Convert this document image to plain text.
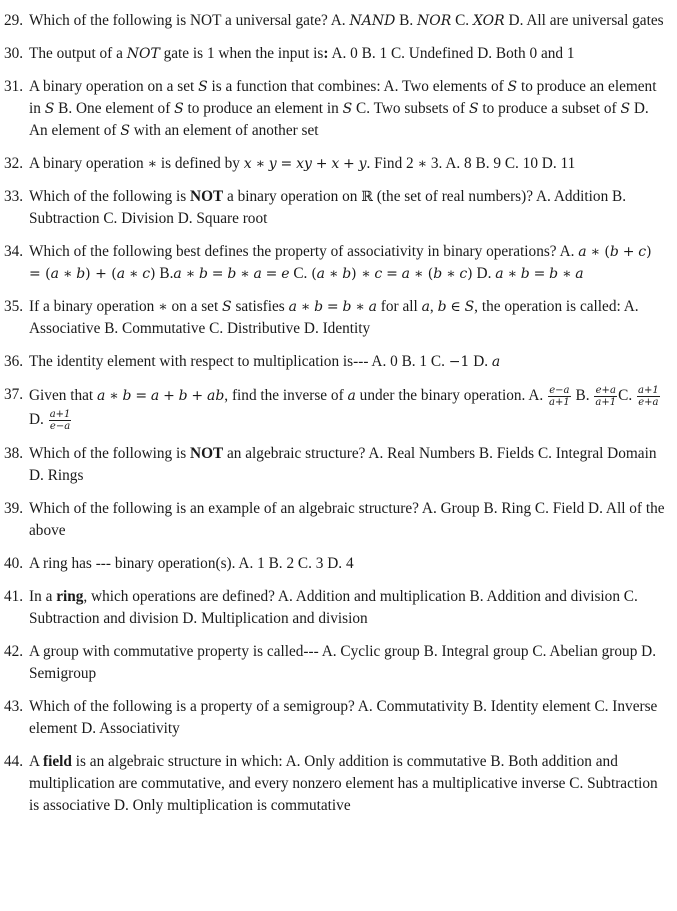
29. Which of the following is NOT a universal gate? A. NAND B. NOR C. XOR D. All are universal gates
30. The output of a NOT gate is 1 when the input is: A. 0 B. 1 C. Undefined D. Both 0 and 1
31. A binary operation on a set S is a function that combines: A. Two elements of S to produce an element in S B. One element of S to produce an element in S C. Two subsets of S to produce a subset of S D. An element of S with an element of another set
32. A binary operation ∗ is defined by x ∗ y = xy + x + y. Find 2 ∗ 3. A. 8 B. 9 C. 10 D. 11
33. Which of the following is NOT a binary operation on ℝ (the set of real numbers)? A. Addition B. Subtraction C. Division D. Square root
34. Which of the following best defines the property of associativity in binary operations? A. a ∗ (b + c) = (a ∗ b) + (a ∗ c) B.a ∗ b = b ∗ a = e C. (a ∗ b) ∗ c = a ∗ (b ∗ c) D. a ∗ b = b ∗ a
35. If a binary operation ∗ on a set S satisfies a ∗ b = b ∗ a for all a, b ∈ S, the operation is called: A. Associative B. Commutative C. Distributive D. Identity
36. The identity element with respect to multiplication is--- A. 0 B. 1 C. −1 D. a
37. Given that a ∗ b = a + b + ab, find the inverse of a under the binary operation. A. $\frac{e-a}{a+1} B$. $\frac{e+a}{a+1} C$. $\frac{a+1}{e+a}$
D. $\frac{a+1}{e-a}$
38. Which of the following is NOT an algebraic structure? A. Real Numbers B. Fields C. Integral Domain D. Rings
39. Which of the following is an example of an algebraic structure? A. Group B. Ring C. Field D. All of the above
40. A ring has --- binary operation(s). A. 1 B. 2 C. 3 D. 4
41. In a ring, which operations are defined? A. Addition and multiplication B. Addition and division C. Subtraction and division D. Multiplication and division
42. A group with commutative property is called--- A. Cyclic group B. Integral group C. Abelian group D. Semigroup
43. Which of the following is a property of a semigroup? A. Commutativity B. Identity element C. Inverse element D. Associativity
44. A field is an algebraic structure in which: A. Only addition is commutative B. Both addition and multiplication are commutative, and every nonzero element has a multiplicative inverse C. Subtraction is associative D. Only multiplication is commutative
